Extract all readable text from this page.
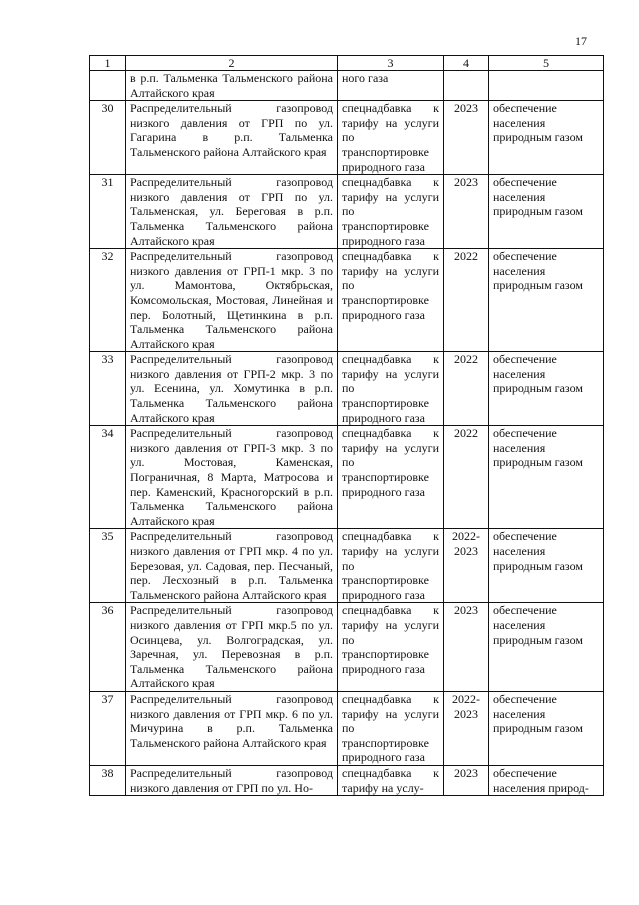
17
1	2	3	4	5
	в р.п. Тальменка Тальменского района Алтайского края	ного газа		
30	Распределительный газопровод низкого давления от ГРП по ул. Гагарина в р.п. Тальменка Тальменского района Алтайского края	спецнадбавка к тарифу на услуги по транспортировке природного газа	2023	обеспечение населения природным газом
31	Распределительный газопровод низкого давления от ГРП по ул. Тальменская, ул. Береговая в р.п. Тальменка Тальменского района Алтайского края	спецнадбавка к тарифу на услуги по транспортировке природного газа	2023	обеспечение населения природным газом
32	Распределительный газопровод низкого давления от ГРП-1 мкр. 3 по ул. Мамонтова, Октябрьская, Комсомольская, Мостовая, Линейная и пер. Болотный, Щетинкина в р.п. Тальменка Тальменского района Алтайского края	спецнадбавка к тарифу на услуги по транспортировке природного газа	2022	обеспечение населения природным газом
33	Распределительный газопровод низкого давления от ГРП-2 мкр. 3 по ул. Есенина, ул. Хомутинка в р.п. Тальменка Тальменского района Алтайского края	спецнадбавка к тарифу на услуги по транспортировке природного газа	2022	обеспечение населения природным газом
34	Распределительный газопровод низкого давления от ГРП-3 мкр. 3 по ул. Мостовая, Каменская, Пограничная, 8 Марта, Матросова и пер. Каменский, Красногорский в р.п. Тальменка Тальменского района Алтайского края	спецнадбавка к тарифу на услуги по транспортировке природного газа	2022	обеспечение населения природным газом
35	Распределительный газопровод низкого давления от ГРП мкр. 4 по ул. Березовая, ул. Садовая, пер. Песчаный, пер. Лесхозный в р.п. Тальменка Тальменского района Алтайского края	спецнадбавка к тарифу на услуги по транспортировке природного газа	2022-2023	обеспечение населения природным газом
36	Распределительный газопровод низкого давления от ГРП мкр.5 по ул. Осинцева, ул. Волгоградская, ул. Заречная, ул. Перевозная в р.п. Тальменка Тальменского района Алтайского края	спецнадбавка к тарифу на услуги по транспортировке природного газа	2023	обеспечение населения природным газом
37	Распределительный газопровод низкого давления от ГРП мкр. 6 по ул. Мичурина в р.п. Тальменка Тальменского района Алтайского края	спецнадбавка к тарифу на услуги по транспортировке природного газа	2022-2023	обеспечение населения природным газом
38	Распределительный газопровод низкого давления от ГРП по ул. Но-	спецнадбавка к тарифу на услу-	2023	обеспечение населения природ-
